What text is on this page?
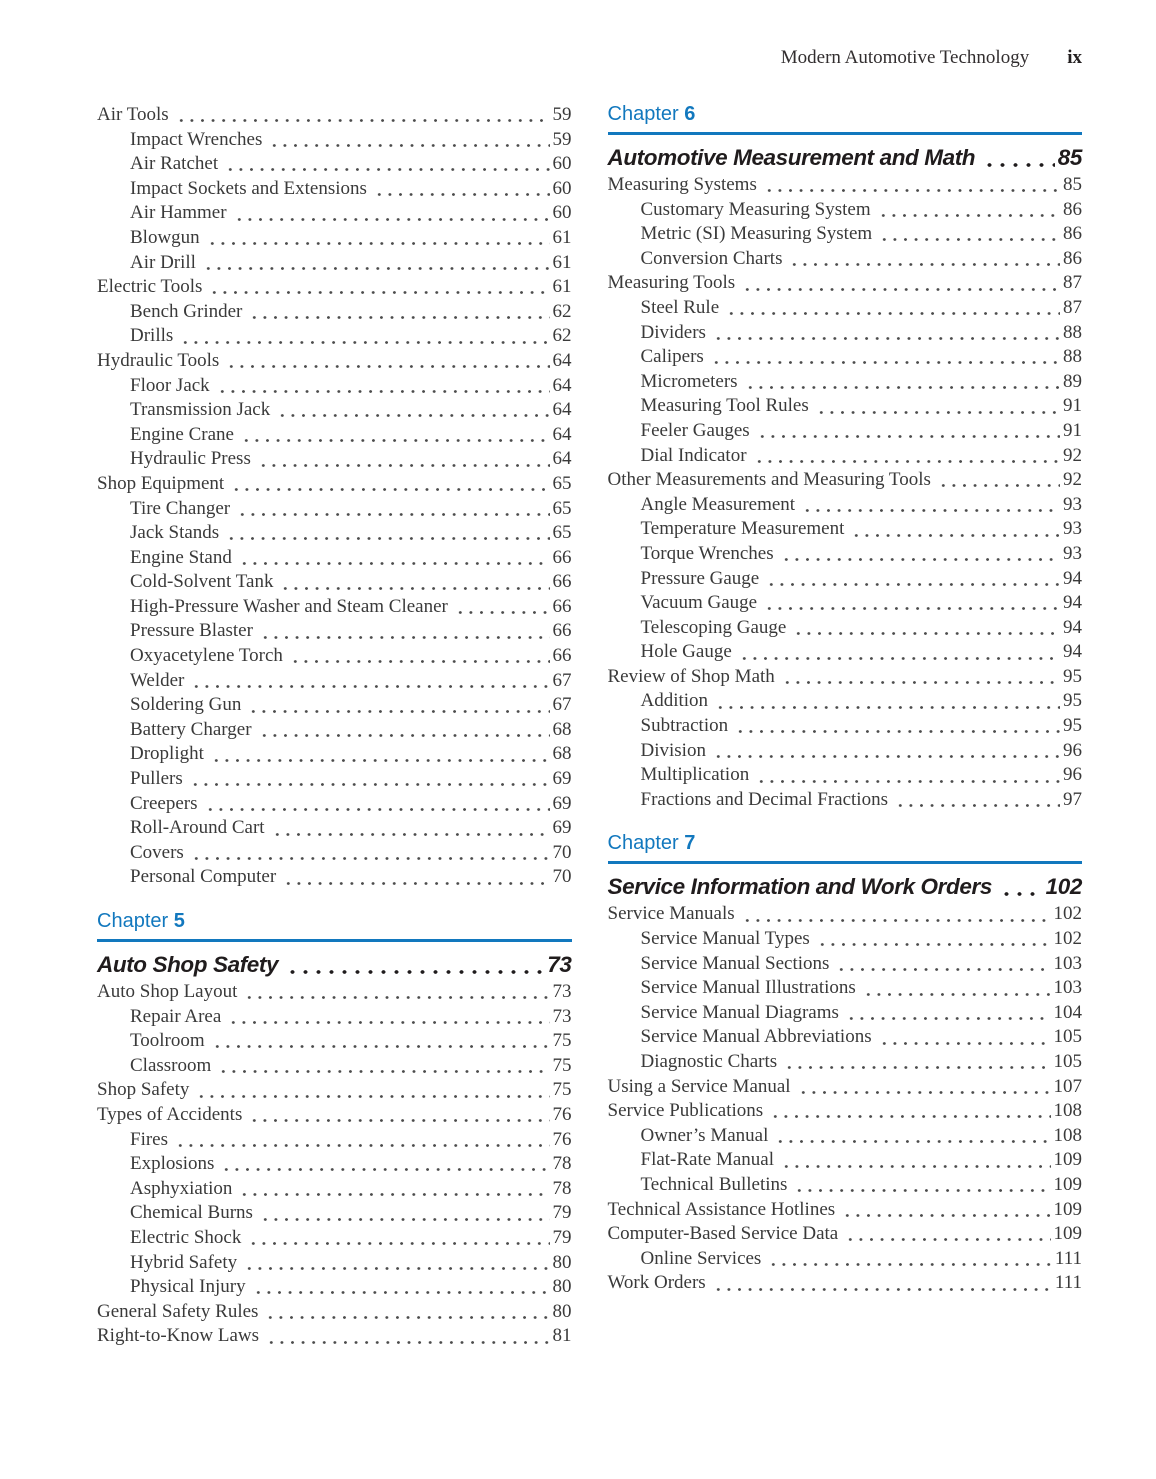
Modern Automotive Technology ix
Air Tools	59
Impact Wrenches	59
Air Ratchet	60
Impact Sockets and Extensions	60
Air Hammer	60
Blowgun	61
Air Drill	61
Electric Tools	61
Bench Grinder	62
Drills	62
Hydraulic Tools	64
Floor Jack	64
Transmission Jack	64
Engine Crane	64
Hydraulic Press	64
Shop Equipment	65
Tire Changer	65
Jack Stands	65
Engine Stand	66
Cold-Solvent Tank	66
High-Pressure Washer and Steam Cleaner	66
Pressure Blaster	66
Oxyacetylene Torch	66
Welder	67
Soldering Gun	67
Battery Charger	68
Droplight	68
Pullers	69
Creepers	69
Roll-Around Cart	69
Covers	70
Personal Computer	70
Chapter 5
Auto Shop Safety	73
Auto Shop Layout	73
Repair Area	73
Toolroom	75
Classroom	75
Shop Safety	75
Types of Accidents	76
Fires	76
Explosions	78
Asphyxiation	78
Chemical Burns	79
Electric Shock	79
Hybrid Safety	80
Physical Injury	80
General Safety Rules	80
Right-to-Know Laws	81
Chapter 6
Automotive Measurement and Math	85
Measuring Systems	85
Customary Measuring System	86
Metric (SI) Measuring System	86
Conversion Charts	86
Measuring Tools	87
Steel Rule	87
Dividers	88
Calipers	88
Micrometers	89
Measuring Tool Rules	91
Feeler Gauges	91
Dial Indicator	92
Other Measurements and Measuring Tools	92
Angle Measurement	93
Temperature Measurement	93
Torque Wrenches	93
Pressure Gauge	94
Vacuum Gauge	94
Telescoping Gauge	94
Hole Gauge	94
Review of Shop Math	95
Addition	95
Subtraction	95
Division	96
Multiplication	96
Fractions and Decimal Fractions	97
Chapter 7
Service Information and Work Orders 102
Service Manuals	102
Service Manual Types	102
Service Manual Sections	103
Service Manual Illustrations	103
Service Manual Diagrams	104
Service Manual Abbreviations	105
Diagnostic Charts	105
Using a Service Manual	107
Service Publications	108
Owner’s Manual	108
Flat-Rate Manual	109
Technical Bulletins	109
Technical Assistance Hotlines	109
Computer-Based Service Data	109
Online Services	111
Work Orders	111
